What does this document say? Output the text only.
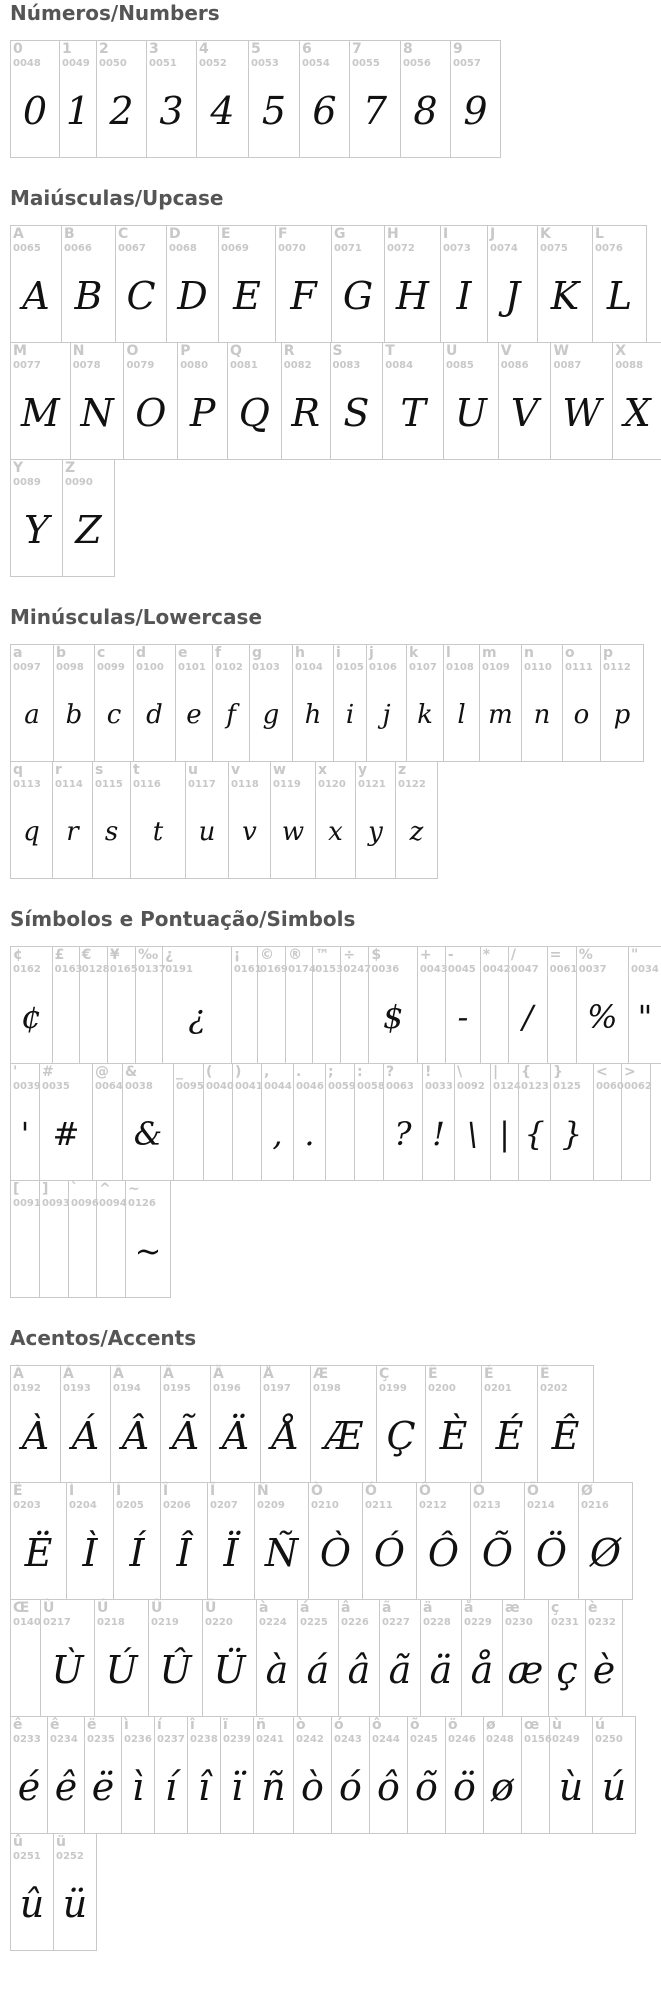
Números/Numbers
0
0048
0
1
0049
1
2
0050
2
3
0051
3
4
0052
4
5
0053
5
6
0054
6
7
0055
7
8
0056
8
9
0057
9
Maiúsculas/Upcase
A
0065
A
B
0066
B
C
0067
C
D
0068
D
E
0069
E
F
0070
F
G
0071
G
H
0072
H
I
0073
I
J
0074
J
K
0075
K
L
0076
L
M
0077
M
N
0078
N
O
0079
O
P
0080
P
Q
0081
Q
R
0082
R
S
0083
S
T
0084
T
U
0085
U
V
0086
V
W
0087
W
X
0088
X
Y
0089
Y
Z
0090
Z
Minúsculas/Lowercase
a
0097
a
b
0098
b
c
0099
c
d
0100
d
e
0101
e
f
0102
f
g
0103
g
h
0104
h
i
0105
i
j
0106
j
k
0107
k
l
0108
l
m
0109
m
n
0110
n
o
0111
o
p
0112
p
q
0113
q
r
0114
r
s
0115
s
t
0116
t
u
0117
u
v
0118
v
w
0119
w
x
0120
x
y
0121
y
z
0122
z
Símbolos e Pontuação/Simbols
¢
0162
¢
£
0163
€
0128
¥
0165
‰
0137
¿
0191
¿
¡
0161
©
0169
®
0174
™
0153
÷
0247
$
0036
$
+
0043
-
0045
-
*
0042
/
0047
/
=
0061
%
0037
%
"
0034
"
'
0039
'
#
0035
#
@
0064
&
0038
&
_
0095
(
0040
)
0041
,
0044
,
.
0046
.
;
0059
:
0058
?
0063
?
!
0033
!
\
0092
\
|
0124
|
{
0123
{
}
0125
}
<
0060
>
0062
[
0091
]
0093
`
0096
^
0094
~
0126
~
Acentos/Accents
À
0192
À
Á
0193
Á
Â
0194
Â
Ã
0195
Ã
Ä
0196
Ä
Å
0197
Å
Æ
0198
Æ
Ç
0199
Ç
Ê
0200
È
É
0201
É
Ê
0202
Ê
Ë
0203
Ë
Ì
0204
Ì
Í
0205
Í
Î
0206
Î
Ï
0207
Ï
Ñ
0209
Ñ
Ò
0210
Ò
Ó
0211
Ó
Ô
0212
Ô
Õ
0213
Õ
Ö
0214
Ö
Ø
0216
Ø
Œ
0140
Ù
0217
Ù
Ú
0218
Ú
Û
0219
Û
Ü
0220
Ü
à
0224
à
á
0225
á
â
0226
â
ã
0227
ã
ä
0228
ä
å
0229
å
æ
0230
æ
ç
0231
ç
è
0232
è
ê
0233
é
ê
0234
ê
ë
0235
ë
ì
0236
ì
í
0237
í
î
0238
î
ï
0239
ï
ñ
0241
ñ
ò
0242
ò
ó
0243
ó
ô
0244
ô
õ
0245
õ
ö
0246
ö
ø
0248
ø
œ
0156
ù
0249
ù
ú
0250
ú
û
0251
û
ü
0252
ü
